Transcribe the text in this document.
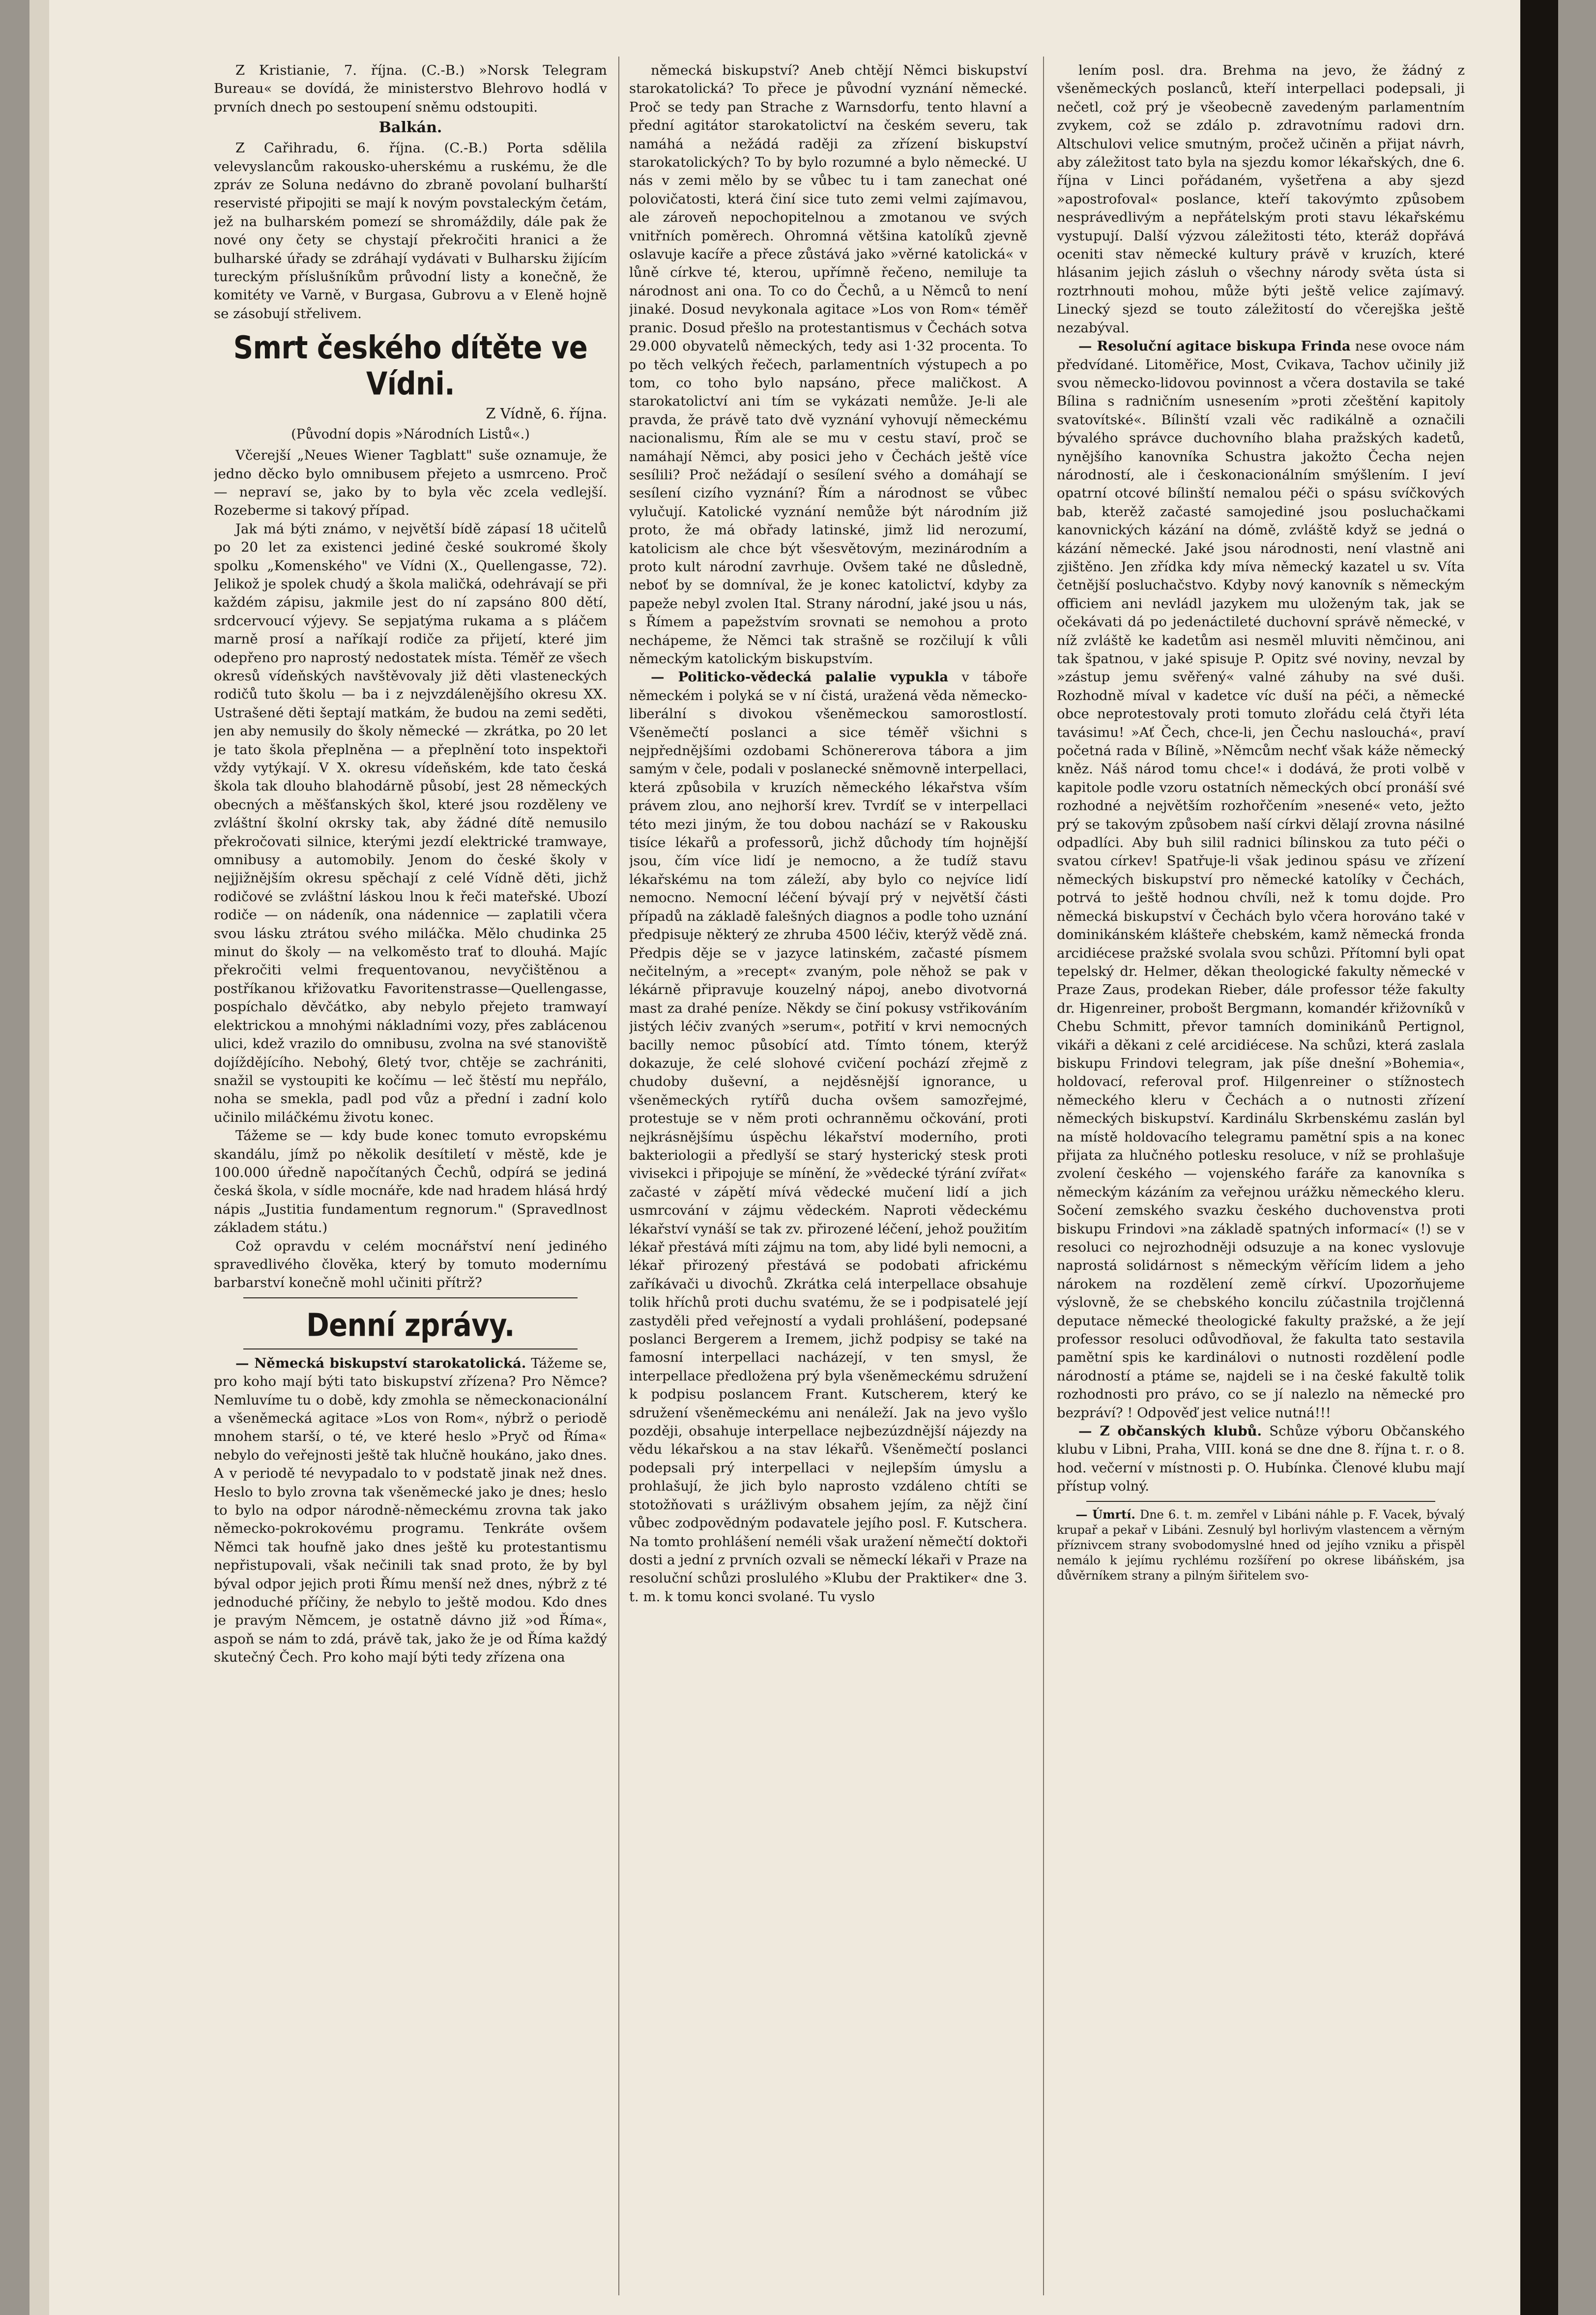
Z Kristianie, 7. října. (C.-B.) »Norsk Telegram Bureau« se dovídá, že ministerstvo Blehrovo hodlá v prvních dnech po sestoupení sněmu odstoupiti.

Balkán.

Z Cařihradu, 6. října. (C.-B.) Porta sdělila velevyslancům rakousko-uherskému a ruskému, že dle zpráv ze Soluna nedávno do zbraně povolaní bulharští reservisté připojiti se mají k novým povstaleckým četám, jež na bulharském pomezí se shromáždily, dále pak že nové ony čety se chystají překročiti hranici a že bulharské úřady se zdráhají vydávati v Bulharsku žijícím tureckým příslušníkům průvodní listy a konečně, že komitéty ve Varně, v Burgasa, Gubrovu a v Eleně hojně se zásobují střelivem.

Smrt českého dítěte ve Vídni.

Z Vídně, 6. října.

(Původní dopis »Národních Listů«.)

Včerejší „Neues Wiener Tagblatt" suše oznamuje, že jedno děcko bylo omnibusem přejeto a usmrceno. Proč — nepraví se, jako by to byla věc zcela vedlejší. Rozeberme si takový případ.

Jak má býti známo, v největší bídě zápasí 18 učitelů po 20 let za existenci jediné české soukromé školy spolku „Komenského" ve Vídni (X., Quellengasse, 72). Jelikož je spolek chudý a škola maličká, odehrávají se při každém zápisu, jakmile jest do ní zapsáno 800 dětí, srdcervoucí výjevy. Se sepjatýma rukama a s pláčem marně prosí a naříkají rodiče za přijetí, které jim odepřeno pro naprostý nedostatek místa. Téměř ze všech okresů vídeňských navštěvovaly již děti vlasteneckých rodičů tuto školu — ba i z nejvzdálenějšího okresu XX. Ustrašené děti šeptají matkám, že budou na zemi seděti, jen aby nemusily do školy německé — zkrátka, po 20 let je tato škola přeplněna — a přeplnění toto inspektoři vždy vytýkají. V X. okresu vídeňském, kde tato česká škola tak dlouho blahodárně působí, jest 28 německých obecných a měšťanských škol, které jsou rozděleny ve zvláštní školní okrsky tak, aby žádné dítě nemusilo překročovati silnice, kterými jezdí elektrické tramwaye, omnibusy a automobily. Jenom do české školy v nejjižnějším okresu spěchají z celé Vídně děti, jichž rodičové se zvláštní láskou lnou k řeči mateřské. Ubozí rodiče — on nádeník, ona nádennice — zaplatili včera svou lásku ztrátou svého miláčka. Mělo chudinka 25 minut do školy — na velkoměsto trať to dlouhá. Majíc překročiti velmi frequentovanou, nevyčištěnou a postříkanou křižovatku Favoritenstrasse—Quellengasse, pospíchalo děvčátko, aby nebylo přejeto tramwayí elektrickou a mnohými nákladními vozy, přes zablácenou ulici, kdež vrazilo do omnibusu, zvolna na své stanoviště dojíždějícího. Nebohý, 6letý tvor, chtěje se zachrániti, snažil se vystoupiti ke kočímu — leč štěstí mu nepřálo, noha se smekla, padl pod vůz a přední i zadní kolo učinilo miláčkému životu konec.

Tážeme se — kdy bude konec tomuto evropskému skandálu, jímž po několik desítiletí v městě, kde je 100.000 úředně napočítaných Čechů, odpírá se jediná česká škola, v sídle mocnáře, kde nad hradem hlásá hrdý nápis „Justitia fundamentum regnorum." (Spravedlnost základem státu.)

Což opravdu v celém mocnářství není jediného spravedlivého člověka, který by tomuto modernímu barbarství konečně mohl učiniti přítrž?

Denní zprávy.

— Německá biskupství starokatolická. Tážeme se, pro koho mají býti tato biskupství zřízena? Pro Němce? Nemluvíme tu o době, kdy zmohla se německonacionální a všeněmecká agitace »Los von Rom«, nýbrž o periodě mnohem starší, o té, ve které heslo »Pryč od Říma« nebylo do veřejnosti ještě tak hlučně houkáno, jako dnes. A v periodě té nevypadalo to v podstatě jinak než dnes. Heslo to bylo zrovna tak všeněmecké jako je dnes; heslo to bylo na odpor národně-německému zrovna tak jako německo-pokrokovému programu. Tenkráte ovšem Němci tak houfně jako dnes ještě ku protestantismu nepřistupovali, však nečinili tak snad proto, že by byl býval odpor jejich proti Římu menší než dnes, nýbrž z té jednoduché příčiny, že nebylo to ještě modou. Kdo dnes je pravým Němcem, je ostatně dávno již »od Říma«, aspoň se nám to zdá, právě tak, jako že je od Říma každý skutečný Čech. Pro koho mají býti tedy zřízena ona

německá biskupství? Aneb chtějí Němci biskupství starokatolická? To přece je původní vyznání německé. Proč se tedy pan Strache z Warnsdorfu, tento hlavní a přední agitátor starokatolictví na českém severu, tak namáhá a nežádá raději za zřízení biskupství starokatolických? To by bylo rozumné a bylo německé. U nás v zemi mělo by se vůbec tu i tam zanechat oné polovičatosti, která činí sice tuto zemi velmi zajímavou, ale zároveň nepochopitelnou a zmotanou ve svých vnitřních poměrech. Ohromná většina katolíků zjevně oslavuje kacíře a přece zůstává jako »věrné katolická« v lůně církve té, kterou, upřímně řečeno, nemiluje ta národnost ani ona. To co do Čechů, a u Němců to není jinaké. Dosud nevykonala agitace »Los von Rom« téměř pranic. Dosud přešlo na protestantismus v Čechách sotva 29.000 obyvatelů německých, tedy asi 1·32 procenta. To po těch velkých řečech, parlamentních výstupech a po tom, co toho bylo napsáno, přece maličkost. A starokatolictví ani tím se vykázati nemůže. Je-li ale pravda, že právě tato dvě vyznání vyhovují německému nacionalismu, Řím ale se mu v cestu staví, proč se namáhají Němci, aby posici jeho v Čechách ještě více sesílili? Proč nežádají o sesílení svého a domáhají se sesílení cizího vyznání? Řím a národnost se vůbec vylučují. Katolické vyznání nemůže být národním již proto, že má obřady latinské, jimž lid nerozumí, katolicism ale chce být všesvětovým, mezinárodním a proto kult národní zavrhuje. Ovšem také ne důsledně, neboť by se domníval, že je konec katolictví, kdyby za papeže nebyl zvolen Ital. Strany národní, jaké jsou u nás, s Římem a papežstvím srovnati se nemohou a proto nechápeme, že Němci tak strašně se rozčilují k vůli německým katolickým biskupstvím.

— Politicko-vědecká palalie vypukla v táboře německém i polyká se v ní čistá, uražená věda německo-liberální s divokou všeněmeckou samorostlostí. Všeněmečtí poslanci a sice téměř všichni s nejpřednějšími ozdobami Schönererova tábora a jim samým v čele, podali v poslanecké sněmovně interpellaci, která způsobila v kruzích německého lékařstva vším právem zlou, ano nejhorší krev. Tvrdíť se v interpellaci této mezi jiným, že tou dobou nachází se v Rakousku tisíce lékařů a professorů, jichž důchody tím hojnější jsou, čím více lidí je nemocno, a že tudíž stavu lékařskému na tom záleží, aby bylo co nejvíce lidí nemocno. Nemocní léčení bývají prý v největší části případů na základě falešných diagnos a podle toho uznání předpisuje některý ze zhruba 4500 léčiv, kterýž vědě zná. Předpis děje se v jazyce latinském, začasté písmem nečitelným, a »recept« zvaným, pole něhož se pak v lékárně připravuje kouzelný nápoj, anebo divotvorná mast za drahé peníze. Někdy se činí pokusy vstřikováním jistých léčiv zvaných »serum«, potřití v krvi nemocných bacilly nemoc působící atd. Tímto tónem, kterýž dokazuje, že celé slohové cvičení pochází zřejmě z chudoby duševní, a nejděsnější ignorance, u všeněmeckých rytířů ducha ovšem samozřejmé, protestuje se v něm proti ochranněmu očkování, proti nejkrásnějšímu úspěchu lékařství moderního, proti bakteriologii a předlyší se starý hysterický stesk proti vivisekci i připojuje se mínění, že »vědecké týrání zvířat« začasté v zápětí mívá vědecké mučení lidí a jich usmrcování v zájmu vědeckém. Naproti vědeckému lékařství vynáší se tak zv. přirozené léčení, jehož použitím lékař přestává míti zájmu na tom, aby lidé byli nemocni, a lékař přirozený přestává se podobati africkému zaříkávači u divochů. Zkrátka celá interpellace obsahuje tolik hříchů proti duchu svatému, že se i podpisatelé její zastyděli před veřejností a vydali prohlášení, podepsané poslanci Bergerem a Iremem, jichž podpisy se také na famosní interpellaci nacházejí, v ten smysl, že interpellace předložena prý byla všeněmeckému sdružení k podpisu poslancem Frant. Kutscherem, který ke sdružení všeněmeckému ani nenáleží. Jak na jevo vyšlo později, obsahuje interpellace nejbezúzdnější nájezdy na vědu lékařskou a na stav lékařů. Všeněmečtí poslanci podepsali prý interpellaci v nejlepším úmyslu a prohlašují, že jich bylo naprosto vzdáleno chtíti se stotožňovati s urážlivým obsahem jejím, za nějž činí vůbec zodpovědným podavatele jejího posl. F. Kutschera. Na tomto prohlášení neméli však uražení němečtí doktoři dosti a jední z prvních ozvali se německí lékaři v Praze na resoluční schůzi proslulého »Klubu der Praktiker« dne 3. t. m. k tomu konci svolané. Tu vyslo

lením posl. dra. Brehma na jevo, že žádný z všeněmeckých poslanců, kteří interpellaci podepsali, ji nečetl, což prý je všeobecně zavedeným parlamentním zvykem, což se zdálo p. zdravotnímu radovi drn. Altschulovi velice smutným, pročež učiněn a přijat návrh, aby záležitost tato byla na sjezdu komor lékařských, dne 6. října v Linci pořádaném, vyšetřena a aby sjezd »apostrofoval« poslance, kteří takovýmto způsobem nesprávedlivým a nepřátelským proti stavu lékařskému vystupují. Další výzvou záležitosti této, kteráž dopřává oceniti stav německé kultury právě v kruzích, které hlásanim jejich zásluh o všechny národy světa ústa si roztrhnouti mohou, může býti ještě velice zajímavý. Linecký sjezd se touto záležitostí do včerejška ještě nezabýval.

— Resoluční agitace biskupa Frinda nese ovoce nám předvídané. Litoměřice, Most, Cvikava, Tachov učinily již svou německo-lidovou povinnost a včera dostavila se také Bílina s radničním usnesením »proti zčeštění kapitoly svatovítské«. Bílinští vzali věc radikálně a označili bývalého správce duchovního blaha pražských kadetů, nynějšího kanovníka Schustra jakožto Čecha nejen národností, ale i českonacionálním smýšlením. I jeví opatrní otcové bílinští nemalou péči o spásu svíčkových bab, kterěž začasté samojediné jsou posluchačkami kanovnických kázání na dómě, zvláště když se jedná o kázání německé. Jaké jsou národnosti, není vlastně ani zjištěno. Jen zřídka kdy míva německý kazatel u sv. Víta četnější posluchačstvo. Kdyby nový kanovník s německým officiem ani nevládl jazykem mu uloženým tak, jak se očekávati dá po jedenáctileté duchovní správě německé, v níž zvláště ke kadetům asi nesměl mluviti němčinou, ani tak špatnou, v jaké spisuje P. Opitz své noviny, nevzal by »zástup jemu svěřený« valné záhuby na své duši. Rozhodně míval v kadetce víc duší na péči, a německé obce neprotestovaly proti tomuto zlořádu celá čtyři léta tavásimu! »Ať Čech, chce-li, jen Čechu naslouchá«, praví početná rada v Bílině, »Němcům nechť však káže německý kněz. Náš národ tomu chce!« i dodává, že proti volbě v kapitole podle vzoru ostatních německých obcí pronáší své rozhodné a největším rozhořčením »nesené« veto, ježto prý se takovým způsobem naší církvi dělají zrovna násilné odpadlíci. Aby buh silil radnici bílinskou za tuto péči o svatou církev! Spatřuje-li však jedinou spásu ve zřízení německých biskupství pro německé katolíky v Čechách, potrvá to ještě hodnou chvíli, než k tomu dojde. Pro německá biskupství v Čechách bylo včera horováno také v dominikánském klášteře chebském, kamž německá fronda arcidiécese pražské svolala svou schůzi. Přítomní byli opat tepelský dr. Helmer, děkan theologické fakulty německé v Praze Zaus, prodekan Rieber, dále professor téže fakulty dr. Higenreiner, probošt Bergmann, komandér křižovníků v Chebu Schmitt, převor tamních dominikánů Pertignol, vikáři a děkani z celé arcidiécese. Na schůzi, která zaslala biskupu Frindovi telegram, jak píše dnešní »Bohemia«, holdovací, referoval prof. Hilgenreiner o stížnostech německého kleru v Čechách a o nutnosti zřízení německých biskupství. Kardinálu Skrbenskému zaslán byl na místě holdovacího telegramu pamětní spis a na konec přijata za hlučného potlesku resoluce, v níž se prohlašuje zvolení českého — vojenského faráře za kanovníka s německým kázáním za veřejnou urážku německého kleru. Sočení zemského svazku českého duchovenstva proti biskupu Frindovi »na základě spatných informací« (!) se v resoluci co nejrozhodněji odsuzuje a na konec vyslovuje naprostá solidárnost s německým věřícím lidem a jeho nárokem na rozdělení země církví. Upozorňujeme výslovně, že se chebského koncilu zúčastnila trojčlenná deputace německé theologické fakulty pražské, a že její professor resoluci odůvodňoval, že fakulta tato sestavila pamětní spis ke kardinálovi o nutnosti rozdělení podle národností a ptáme se, najdeli se i na české fakultě tolik rozhodnosti pro právo, co se jí nalezlo na německé pro bezpráví? ! Odpověď jest velice nutná!!!

— Z občanských klubů. Schůze výboru Občanského klubu v Libni, Praha, VIII. koná se dne dne 8. října t. r. o 8. hod. večerní v místnosti p. O. Hubínka. Členové klubu mají přístup volný.

— Úmrtí. Dne 6. t. m. zemřel v Libáni náhle p. F. Vacek, bývalý krupař a pekař v Libáni. Zesnulý byl horlivým vlastencem a věrným příznivcem strany svobodomyslné hned od jejího vzniku a přispěl nemálo k jejímu rychlému rozšíření po okrese libáňském, jsa důvěrníkem strany a pilným šiřitelem svo-
